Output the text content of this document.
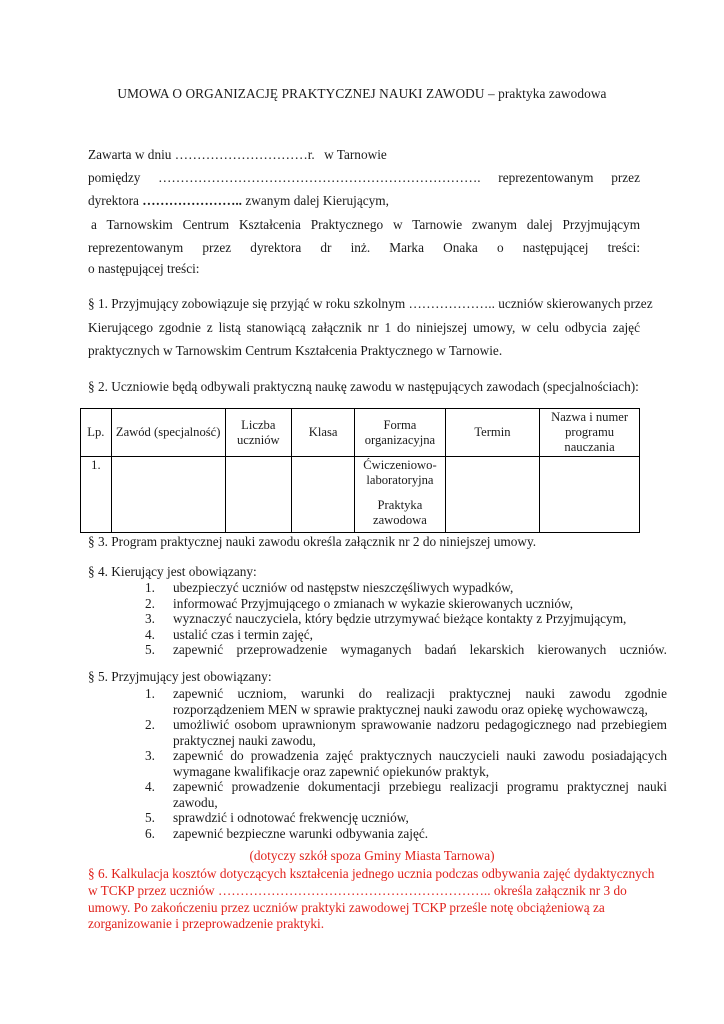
UMOWA O ORGANIZACJĘ PRAKTYCZNEJ NAUKI ZAWODU – praktyka zawodowa
Zawarta w dniu …………………………r. w Tarnowie
pomiędzy ………………………………………………………………. reprezentowanym przez
dyrektora ………………….. zwanym dalej Kierującym,
a Tarnowskim Centrum Kształcenia Praktycznego w Tarnowie zwanym dalej Przyjmującym
reprezentowanym przez dyrektora dr inż. Marka Onaka o następującej treści:
o następującej treści:
§ 1. Przyjmujący zobowiązuje się przyjąć w roku szkolnym ……………….. uczniów skierowanych przez
Kierującego zgodnie z listą stanowiącą załącznik nr 1 do niniejszej umowy, w celu odbycia zajęć
praktycznych w Tarnowskim Centrum Kształcenia Praktycznego w Tarnowie.
§ 2. Uczniowie będą odbywali praktyczną naukę zawodu w następujących zawodach (specjalnościach):
Lp.	Zawód (specjalność)	Liczba uczniów	Klasa	Forma organizacyjna	Termin	Nazwa i numer programu nauczania
1.				Ćwiczeniowo-laboratoryjna
Praktyka zawodowa		

§ 3. Program praktycznej nauki zawodu określa załącznik nr 2 do niniejszej umowy.
§ 4. Kierujący jest obowiązany:
1. ubezpieczyć uczniów od następstw nieszczęśliwych wypadków,
2. informować Przyjmującego o zmianach w wykazie skierowanych uczniów,
3. wyznaczyć nauczyciela, który będzie utrzymywać bieżące kontakty z Przyjmującym,
4. ustalić czas i termin zajęć,
5. zapewnić przeprowadzenie wymaganych badań lekarskich kierowanych uczniów.
§ 5. Przyjmujący jest obowiązany:
1. zapewnić uczniom, warunki do realizacji praktycznej nauki zawodu zgodnie rozporządzeniem MEN w sprawie praktycznej nauki zawodu oraz opiekę wychowawczą,
2. umożliwić osobom uprawnionym sprawowanie nadzoru pedagogicznego nad przebiegiem praktycznej nauki zawodu,
3. zapewnić do prowadzenia zajęć praktycznych nauczycieli nauki zawodu posiadających wymagane kwalifikacje oraz zapewnić opiekunów praktyk,
4. zapewnić prowadzenie dokumentacji przebiegu realizacji programu praktycznej nauki zawodu,
5. sprawdzić i odnotować frekwencję uczniów,
6. zapewnić bezpieczne warunki odbywania zajęć.
(dotyczy szkół spoza Gminy Miasta Tarnowa)
§ 6. Kalkulacja kosztów dotyczących kształcenia jednego ucznia podczas odbywania zajęć dydaktycznych
w TCKP przez uczniów …………………………………………………….. określa załącznik nr 3 do
umowy. Po zakończeniu przez uczniów praktyki zawodowej TCKP prześle notę obciążeniową za
zorganizowanie i przeprowadzenie praktyki.
